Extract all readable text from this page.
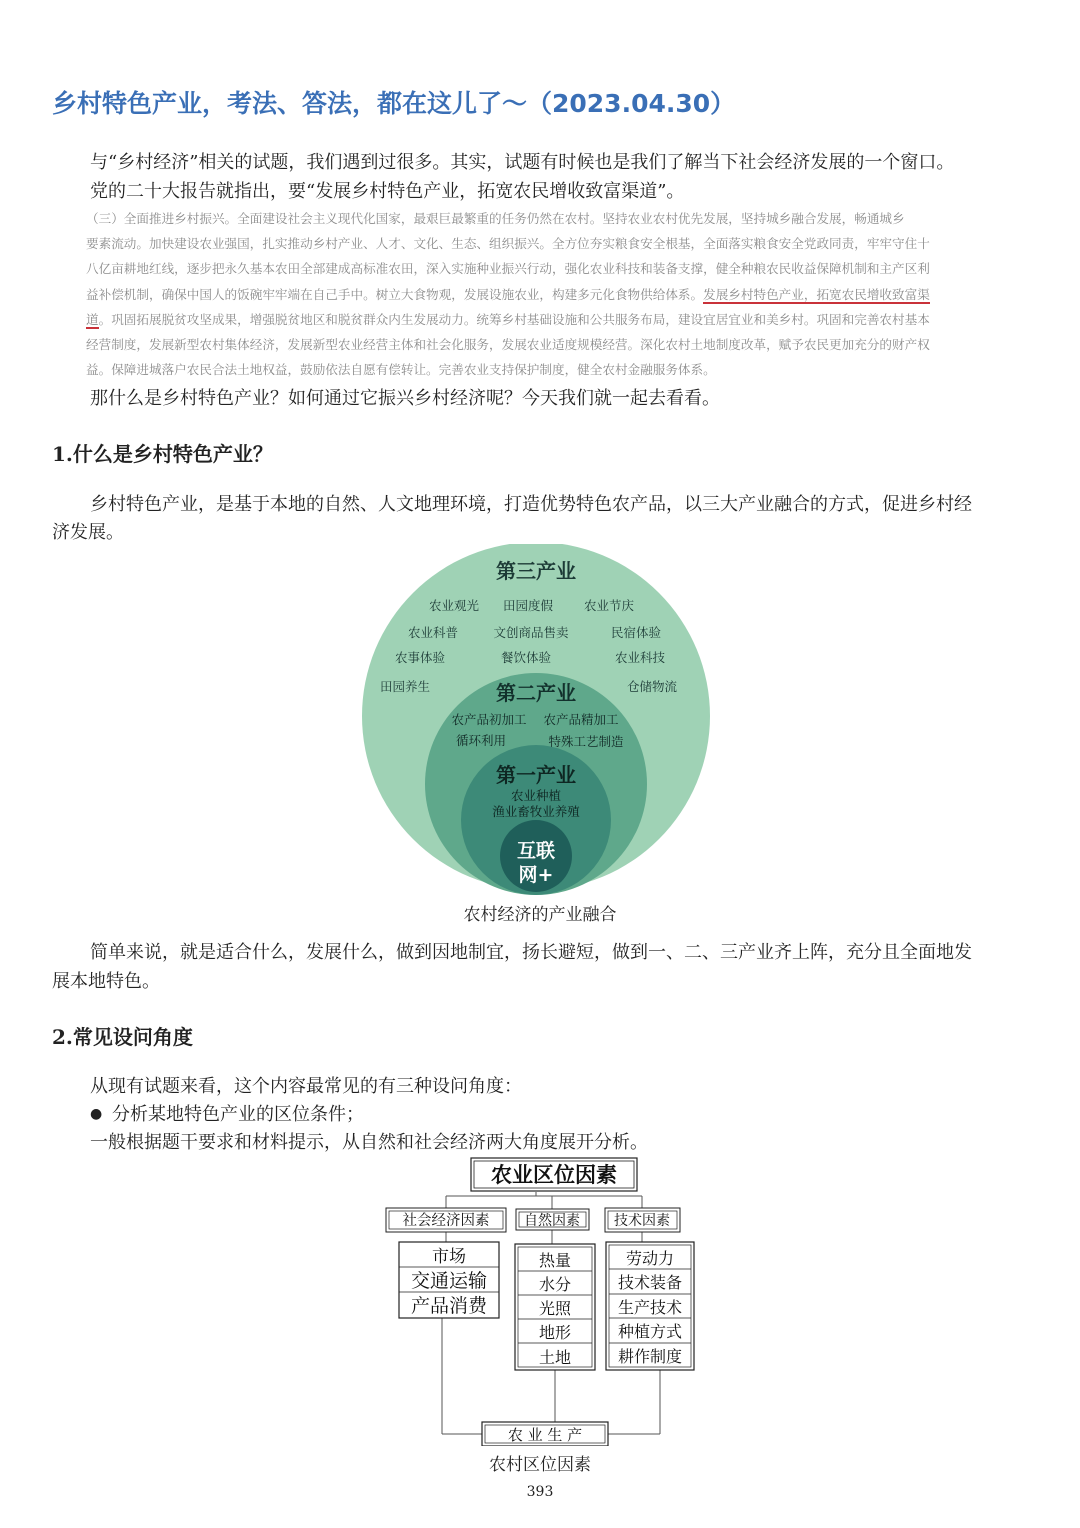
乡村特色产业，考法、答法，都在这儿了～（2023.04.30）
与“乡村经济”相关的试题，我们遇到过很多。其实，试题有时候也是我们了解当下社会经济发展的一个窗口。
党的二十大报告就指出，要“发展乡村特色产业，拓宽农民增收致富渠道”。
（三）全面推进乡村振兴。全面建设社会主义现代化国家，最艰巨最繁重的任务仍然在农村。坚持农业农村优先发展，坚持城乡融合发展，畅通城乡
要素流动。加快建设农业强国，扎实推动乡村产业、人才、文化、生态、组织振兴。全方位夯实粮食安全根基，全面落实粮食安全党政同责，牢牢守住十
八亿亩耕地红线，逐步把永久基本农田全部建成高标准农田，深入实施种业振兴行动，强化农业科技和装备支撑，健全种粮农民收益保障机制和主产区利
益补偿机制，确保中国人的饭碗牢牢端在自己手中。树立大食物观，发展设施农业，构建多元化食物供给体系。发展乡村特色产业，拓宽农民增收致富渠
道。巩固拓展脱贫攻坚成果，增强脱贫地区和脱贫群众内生发展动力。统筹乡村基础设施和公共服务布局，建设宜居宜业和美乡村。巩固和完善农村基本
经营制度，发展新型农村集体经济，发展新型农业经营主体和社会化服务，发展农业适度规模经营。深化农村土地制度改革，赋予农民更加充分的财产权
益。保障进城落户农民合法土地权益，鼓励依法自愿有偿转让。完善农业支持保护制度，健全农村金融服务体系。
那什么是乡村特色产业？如何通过它振兴乡村经济呢？今天我们就一起去看看。
1.什么是乡村特色产业？
乡村特色产业，是基于本地的自然、人文地理环境，打造优势特色农产品，以三大产业融合的方式，促进乡村经
济发展。
第三产业
农业观光 田园度假 农业节庆
农业科普	文创商品售卖	民宿体验
农事体验	餐饮体验	农业科技
田园养生	仓储物流
第二产业
农产品初加工 农产品精加工
循环利用	特殊工艺制造
第一产业
农业种植
渔业畜牧业养殖
互联
网+
农村经济的产业融合
简单来说，就是适合什么，发展什么，做到因地制宜，扬长避短，做到一、二、三产业齐上阵，充分且全面地发
展本地特色。
2.常见设问角度
从现有试题来看，这个内容最常见的有三种设问角度：
● 分析某地特色产业的区位条件；
一般根据题干要求和材料提示，从自然和社会经济两大角度展开分析。
农业区位因素
社会经济因素 自然因素 技术因素
市场
交通运输
产品消费
热量
水分
光照
地形
土地
劳动力
技术装备
生产技术
种植方式
耕作制度
农 业 生 产
农村区位因素
393
